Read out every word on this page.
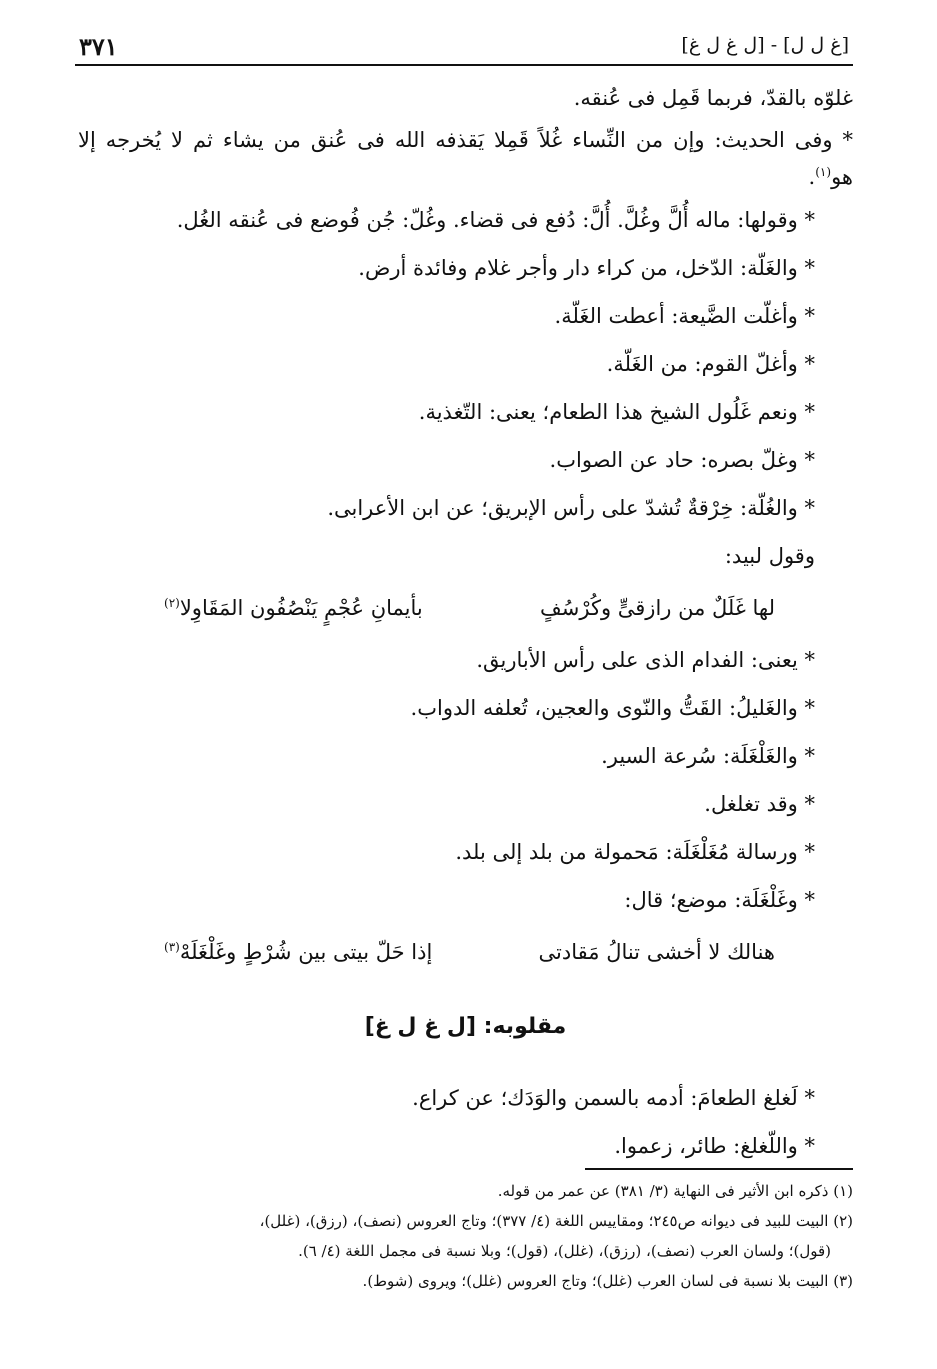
٣٧١	[غ ل ل] - [ل غ ل غ]

غلوّه بالقدّ، فربما قَمِل فى عُنقه.

* وفى الحديث: وإن من النِّساء غُلاً قَمِلا يَقذفه الله فى عُنق من يشاء ثم لا يُخرجه إلا

هو$^{(١)}$.

* وقولها: ماله أُلَّ وغُلَّ. أُلَّ: دُفع فى قضاء. وغُلّ: جُن فُوضع فى عُنقه الغُل.

* والغَلّة: الدّخل، من كراء دار وأجر غلام وفائدة أرض.

* وأغلّت الضَّيعة: أعطت الغَلّة.

* وأغلّ القوم: من الغَلّة.

* ونعم غَلُول الشيخ هذا الطعام؛ يعنى: التّغذية.

* وغلّ بصره: حاد عن الصواب.

* والغُلّة: خِرْقةٌ تُشدّ على رأس الإبريق؛ عن ابن الأعرابى.

وقول لبيد:

لها غَلَلٌ من رازقىٍّ وكُرْسُفٍ
بأيمانِ عُجْمٍ يَنْصُفُون المَقَاوِلا$^{(٢)}$

* يعنى: الفدام الذى على رأس الأباريق.

* والغَليلُ: القَتُّ والنّوى والعجين، تُعلفه الدواب.

* والغَلْغَلَة: سُرعة السير.

* وقد تغلغل.

* ورسالة مُغَلْغَلَة: مَحمولة من بلد إلى بلد.

* وغَلْغَلَة: موضع؛ قال:

هنالك لا أخشى تنالُ مَقادتى
إذا حَلّ بيتى بين شُرْطٍ وغَلْغَلَهْ$^{(٣)}$

مقلوبه: [ل غ ل غ]

* لَغلغ الطعامَ: أدمه بالسمن والوَدَك؛ عن كراع.

* واللّغلغ: طائر، زعموا.

(١) ذكره ابن الأثير فى النهاية (٣/ ٣٨١) عن عمر من قوله.

(٢) البيت للبيد فى ديوانه ص٢٤٥؛ ومقاييس اللغة (٤/ ٣٧٧)؛ وتاج العروس (نصف)، (رزق)، (غلل)،

(قول)؛ ولسان العرب (نصف)، (رزق)، (غلل)، (قول)؛ وبلا نسبة فى مجمل اللغة (٤/ ٦).

(٣) البيت بلا نسبة فى لسان العرب (غلل)؛ وتاج العروس (غلل)؛ ويروى (شوط).
